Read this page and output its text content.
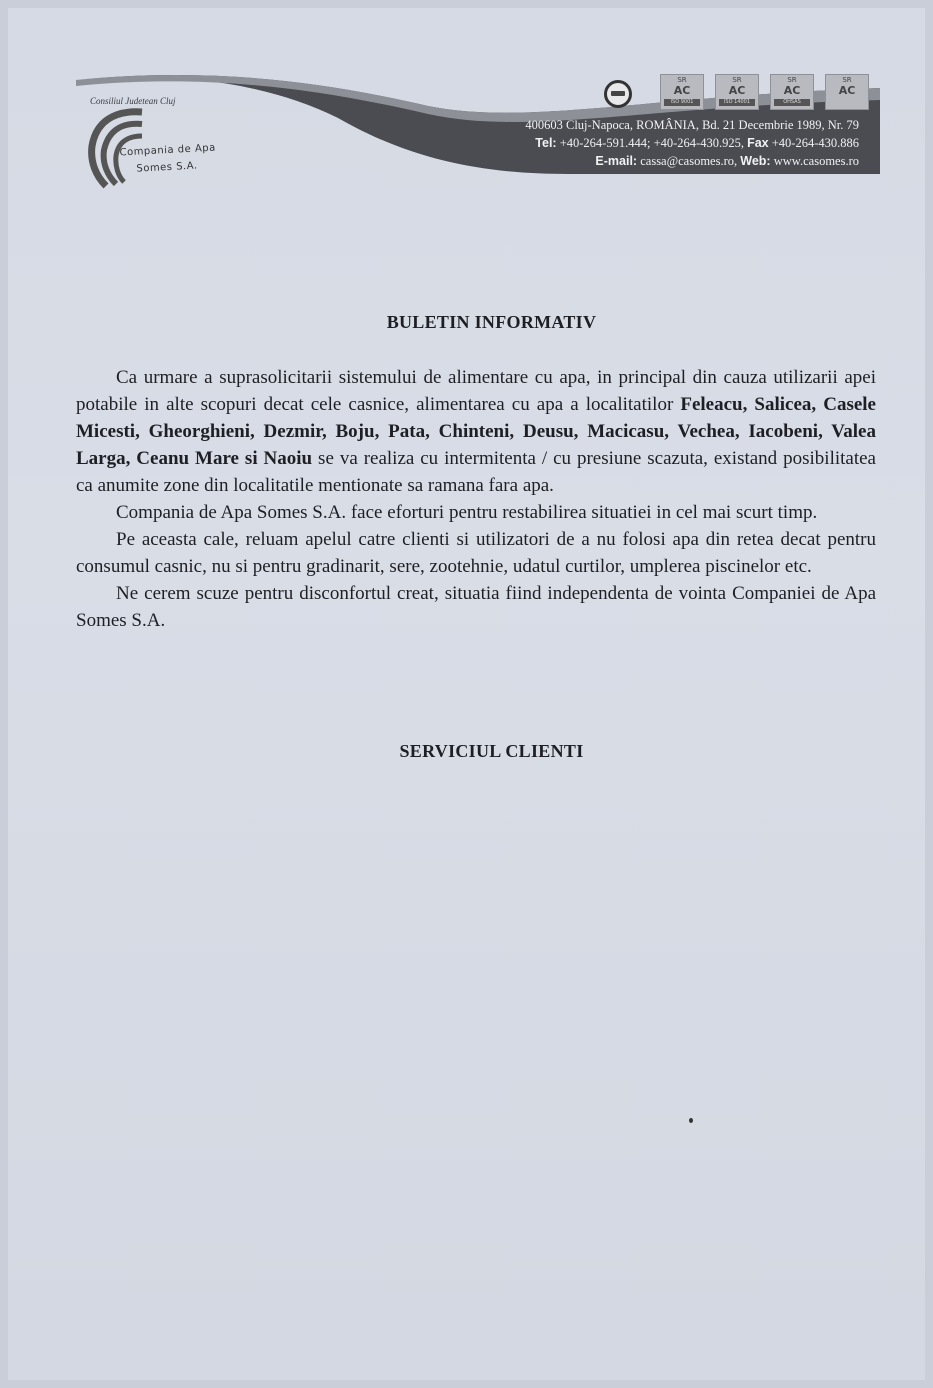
Consiliul Judetean Cluj
Compania de Apa
Somes S.A.
SR
AC
ISO 9001
SR
AC
ISO 14001
SR
AC
OHSAS
SR
AC
400603 Cluj-Napoca, ROMÂNIA, Bd. 21 Decembrie 1989, Nr. 79
Tel: +40-264-591.444; +40-264-430.925, Fax +40-264-430.886
E-mail: cassa@casomes.ro, Web: www.casomes.ro
BULETIN INFORMATIV

Ca urmare a suprasolicitarii sistemului de alimentare cu apa, in principal din cauza utilizarii apei potabile in alte scopuri decat cele casnice, alimentarea cu apa a localitatilor Feleacu, Salicea, Casele Micesti, Gheorghieni, Dezmir, Boju, Pata, Chinteni, Deusu, Macicasu, Vechea, Iacobeni, Valea Larga, Ceanu Mare si Naoiu se va realiza cu intermitenta / cu presiune scazuta, existand posibilitatea ca anumite zone din localitatile mentionate sa ramana fara apa.

Compania de Apa Somes S.A. face eforturi pentru restabilirea situatiei in cel mai scurt timp.

Pe aceasta cale, reluam apelul catre clienti si utilizatori de a nu folosi apa din retea decat pentru consumul casnic, nu si pentru gradinarit, sere, zootehnie, udatul curtilor, umplerea piscinelor etc.

Ne cerem scuze pentru disconfortul creat, situatia fiind independenta de vointa Companiei de Apa Somes S.A.

SERVICIUL CLIENTI
